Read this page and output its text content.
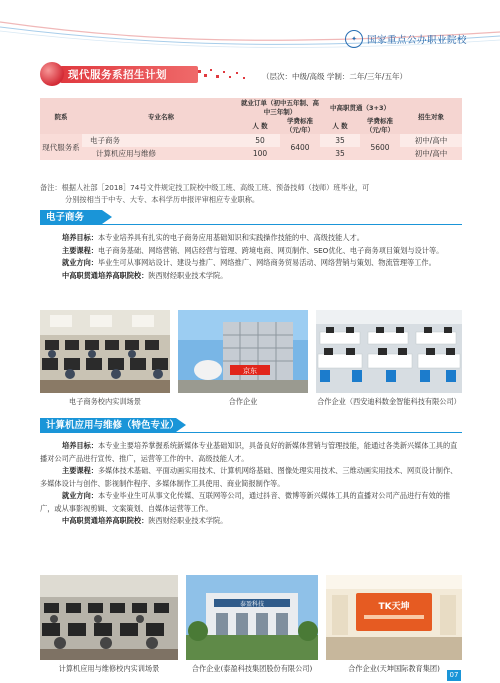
✦	国家重点公办职业院校
现代服务系招生计划	（层次：中级/高级 学制：二年/三年/五年）
院系	专业名称	就业订单（初中五年制、高中三年制）		中高职贯通（3+3）		招生对象
		人 数	学费标准（元/年）	人 数	学费标准（元/年）	
现代服务系	电子商务	50	6400	35	5600	初中/高中
	计算机应用与维修	100		35		初中/高中
备注：根据人社部［2018］74号文件规定技工院校中级工班、高级工班、预备技师（技师）班毕业，可
分别按相当于中专、大专、本科学历申报评审相应专业职称。
电子商务

培养目标：本专业培养具有扎实的电子商务应用基础知识和实践操作技能的中、高级技能人才。

主要课程：电子商务基础、网络营销、网店经营与管理、跨境电商、网页制作、SEO优化、电子商务项目策划与设计等。

就业方向：毕业生可从事网站设计、建设与推广、网络推广、网络商务贸易活动、网络营销与策划、物流管理等工作。

中高职贯通培养高职院校：陕西财经职业技术学院。

电子商务校内实训场景
京东
合作企业	合作企业（西安迪科数金智能科技有限公司）
计算机应用与维修（特色专业）

培养目标：本专业主要培养掌握系统新媒体专业基础知识，具备良好的新媒体营销与管理技能，能通过各类新兴媒体工具的直播对公司产品进行宣传、推广，运营等工作的中、高级技能人才。

主要课程：多媒体技术基础、平面动画实用技术、计算机网络基础、图像处理实用技术、三维动画实用技术、网页设计制作、多媒体设计与创作、影视制作程序、多媒体制作工具使用、商业简报制作等。

就业方向：本专业毕业生可从事文化传媒、互联网等公司，通过抖音、微博等新兴媒体工具的直播对公司产品进行有效的推广，或从事影视剪辑、文案策划、自媒体运营等工作。

中高职贯通培养高职院校：陕西财经职业技术学院。

计算机应用与维修校内实训场景
泰盈科技
合作企业(泰盈科技集团股份有限公司)
TK天坤
合作企业(天坤国际教育集团)
07
